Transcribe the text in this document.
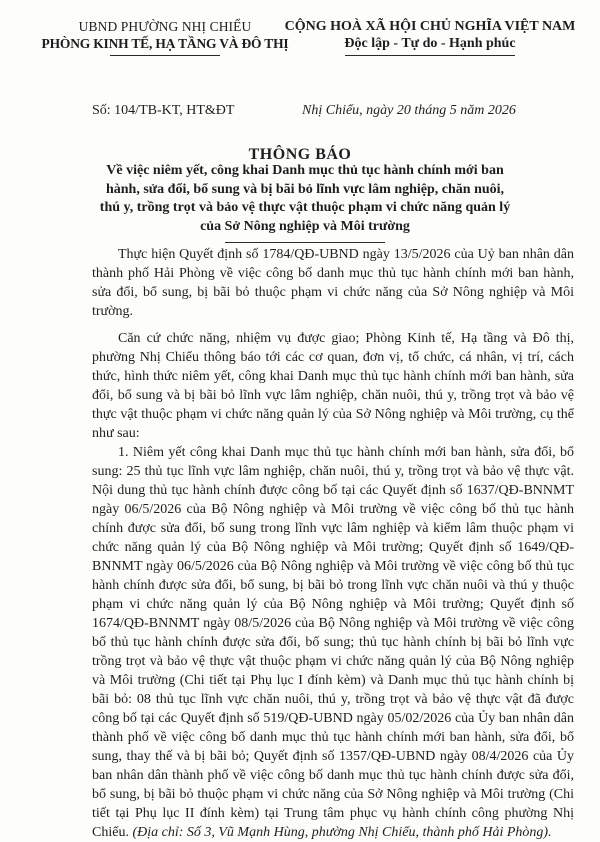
UBND PHƯỜNG NHỊ CHIỂU
PHÒNG KINH TẾ, HẠ TẦNG VÀ ĐÔ THỊ
CỘNG HOÀ XÃ HỘI CHỦ NGHĨA VIỆT NAM
Độc lập - Tự do - Hạnh phúc
Số: 104/TB-KT, HT&ĐT	Nhị Chiểu, ngày 20 tháng 5 năm 2026
THÔNG BÁO
Về việc niêm yết, công khai Danh mục thủ tục hành chính mới ban hành, sửa đổi, bổ sung và bị bãi bỏ lĩnh vực lâm nghiệp, chăn nuôi, thú y, trồng trọt và bảo vệ thực vật thuộc phạm vi chức năng quản lý của Sở Nông nghiệp và Môi trường

Thực hiện Quyết định số 1784/QĐ-UBND ngày 13/5/2026 của Uỷ ban nhân dân thành phố Hải Phòng về việc công bố danh mục thủ tục hành chính mới ban hành, sửa đổi, bổ sung, bị bãi bỏ thuộc phạm vi chức năng của Sở Nông nghiệp và Môi trường.

Căn cứ chức năng, nhiệm vụ được giao; Phòng Kinh tế, Hạ tầng và Đô thị, phường Nhị Chiểu thông báo tới các cơ quan, đơn vị, tổ chức, cá nhân, vị trí, cách thức, hình thức niêm yết, công khai Danh mục thủ tục hành chính mới ban hành, sửa đổi, bổ sung và bị bãi bỏ lĩnh vực lâm nghiệp, chăn nuôi, thú y, trồng trọt và bảo vệ thực vật thuộc phạm vi chức năng quản lý của Sở Nông nghiệp và Môi trường, cụ thể như sau:

1. Niêm yết công khai Danh mục thủ tục hành chính mới ban hành, sửa đổi, bổ sung: 25 thủ tục lĩnh vực lâm nghiệp, chăn nuôi, thú y, trồng trọt và bảo vệ thực vật. Nội dung thủ tục hành chính được công bố tại các Quyết định số 1637/QĐ-BNNMT ngày 06/5/2026 của Bộ Nông nghiệp và Môi trường về việc công bố thủ tục hành chính được sửa đổi, bổ sung trong lĩnh vực lâm nghiệp và kiểm lâm thuộc phạm vi chức năng quản lý của Bộ Nông nghiệp và Môi trường; Quyết định số 1649/QĐ-BNNMT ngày 06/5/2026 của Bộ Nông nghiệp và Môi trường về việc công bố thủ tục hành chính được sửa đổi, bổ sung, bị bãi bỏ trong lĩnh vực chăn nuôi và thú y thuộc phạm vi chức năng quản lý của Bộ Nông nghiệp và Môi trường; Quyết định số 1674/QĐ-BNNMT ngày 08/5/2026 của Bộ Nông nghiệp và Môi trường về việc công bố thủ tục hành chính được sửa đổi, bổ sung; thủ tục hành chính bị bãi bỏ lĩnh vực trồng trọt và bảo vệ thực vật thuộc phạm vi chức năng quản lý của Bộ Nông nghiệp và Môi trường (Chi tiết tại Phụ lục I đính kèm) và Danh mục thủ tục hành chính bị bãi bỏ: 08 thủ tục lĩnh vực chăn nuôi, thú y, trồng trọt và bảo vệ thực vật đã được công bố tại các Quyết định số 519/QĐ-UBND ngày 05/02/2026 của Ủy ban nhân dân thành phố về việc công bố danh mục thủ tục hành chính mới ban hành, sửa đổi, bổ sung, thay thế và bị bãi bỏ; Quyết định số 1357/QĐ-UBND ngày 08/4/2026 của Ủy ban nhân dân thành phố về việc công bố danh mục thủ tục hành chính được sửa đổi, bổ sung, bị bãi bỏ thuộc phạm vi chức năng của Sở Nông nghiệp và Môi trường (Chi tiết tại Phụ lục II đính kèm) tại Trung tâm phục vụ hành chính công phường Nhị Chiểu. (Địa chỉ: Số 3, Vũ Mạnh Hùng, phường Nhị Chiểu, thành phố Hải Phòng).
